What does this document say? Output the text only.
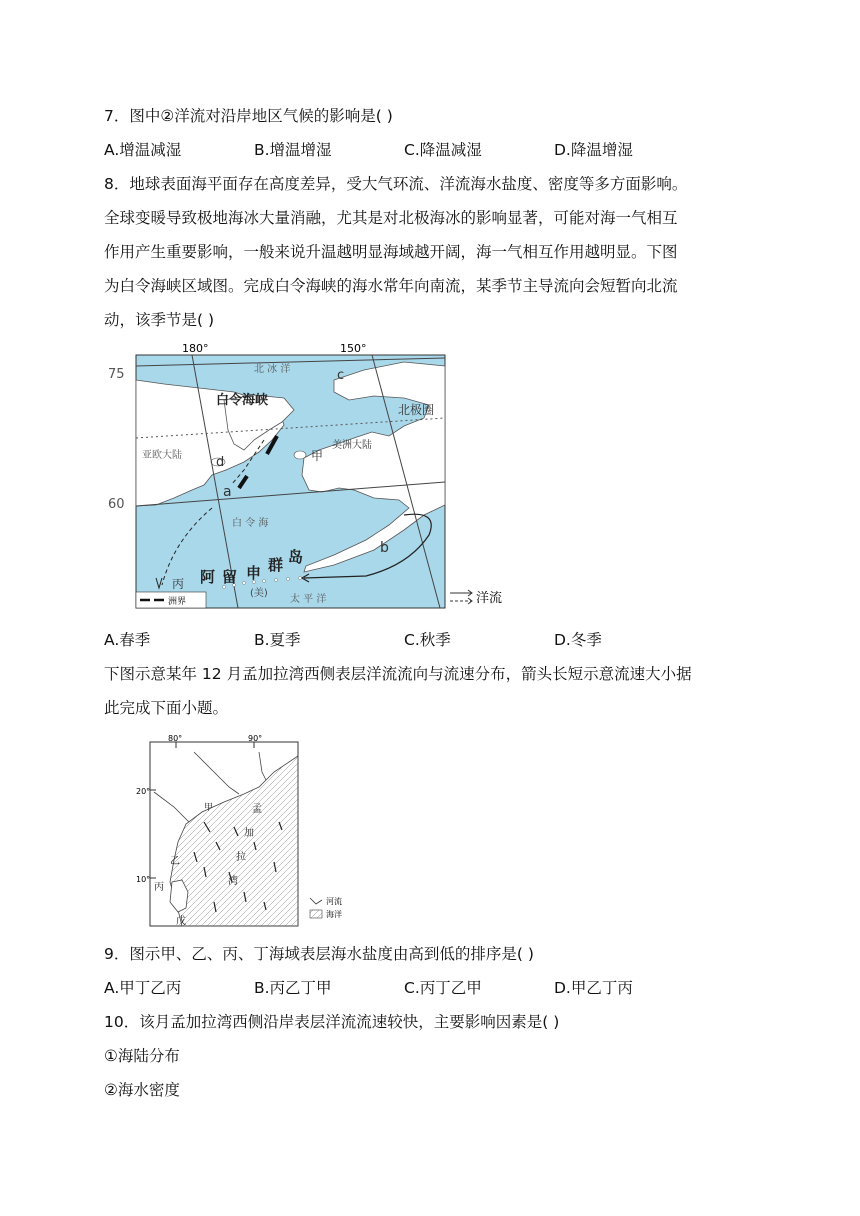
7．图中②洋流对沿岸地区气候的影响是( )
A.增温减湿	B.增温增湿	C.降温减湿	D.降温增湿
8．地球表面海平面存在高度差异，受大气环流、洋流海水盐度、密度等多方面影响。
全球变暖导致极地海冰大量消融，尤其是对北极海冰的影响显著，可能对海一气相互
作用产生重要影响，一般来说升温越明显海域越开阔，海一气相互作用越明显。下图
为白令海峡区域图。完成白令海峡的海水常年向南流，某季节主导流向会短暂向北流
动，该季节是( )
洲界	洋流
180°	150°
75
60
北 冰 洋	c
白令海峡
北极圈
美洲大陆
亚欧大陆	d	甲
a
白 令 海
b
阿 留 申 群 岛
(美)
太 平 洋
丙
A.春季	B.夏季	C.秋季	D.冬季
下图示意某年 12 月孟加拉湾西侧表层洋流流向与流速分布，箭头长短示意流速大小据
此完成下面小题。
河流
海洋
80°	90°
20°
10°
甲
乙
丙
戊
孟
加
拉
湾
9．图示甲、乙、丙、丁海域表层海水盐度由高到低的排序是( )
A.甲丁乙丙	B.丙乙丁甲	C.丙丁乙甲	D.甲乙丁丙
10．该月孟加拉湾西侧沿岸表层洋流流速较快，主要影响因素是( )
①海陆分布
②海水密度
